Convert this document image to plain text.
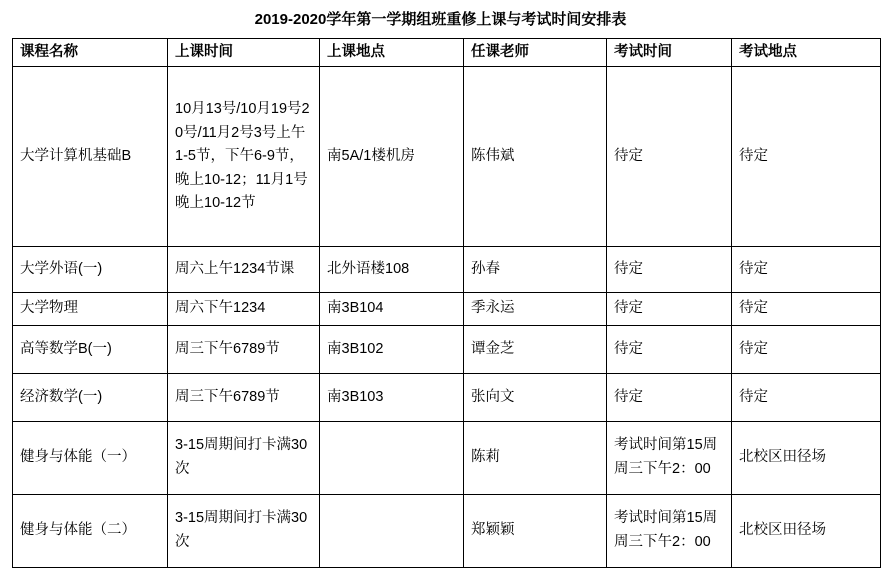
2019-2020学年第一学期组班重修上课与考试时间安排表
课程名称	上课时间	上课地点	任课老师	考试时间	考试地点
大学计算机基础B	10月13号/10月19号20号/11月2号3号上午1-5节，下午6-9节，晚上10-12；11月1号晚上10-12节	南5A/1楼机房	陈伟斌	待定	待定
大学外语(一)	周六上午1234节课	北外语楼108	孙春	待定	待定
大学物理	周六下午1234	南3B104	季永运	待定	待定
高等数学B(一)	周三下午6789节	南3B102	谭金芝	待定	待定
经济数学(一)	周三下午6789节	南3B103	张向文	待定	待定
健身与体能（一）	3-15周期间打卡满30次		陈莉	考试时间第15周周三下午2：00	北校区田径场
健身与体能（二）	3-15周期间打卡满30次		郑颖颖	考试时间第15周周三下午2：00	北校区田径场
